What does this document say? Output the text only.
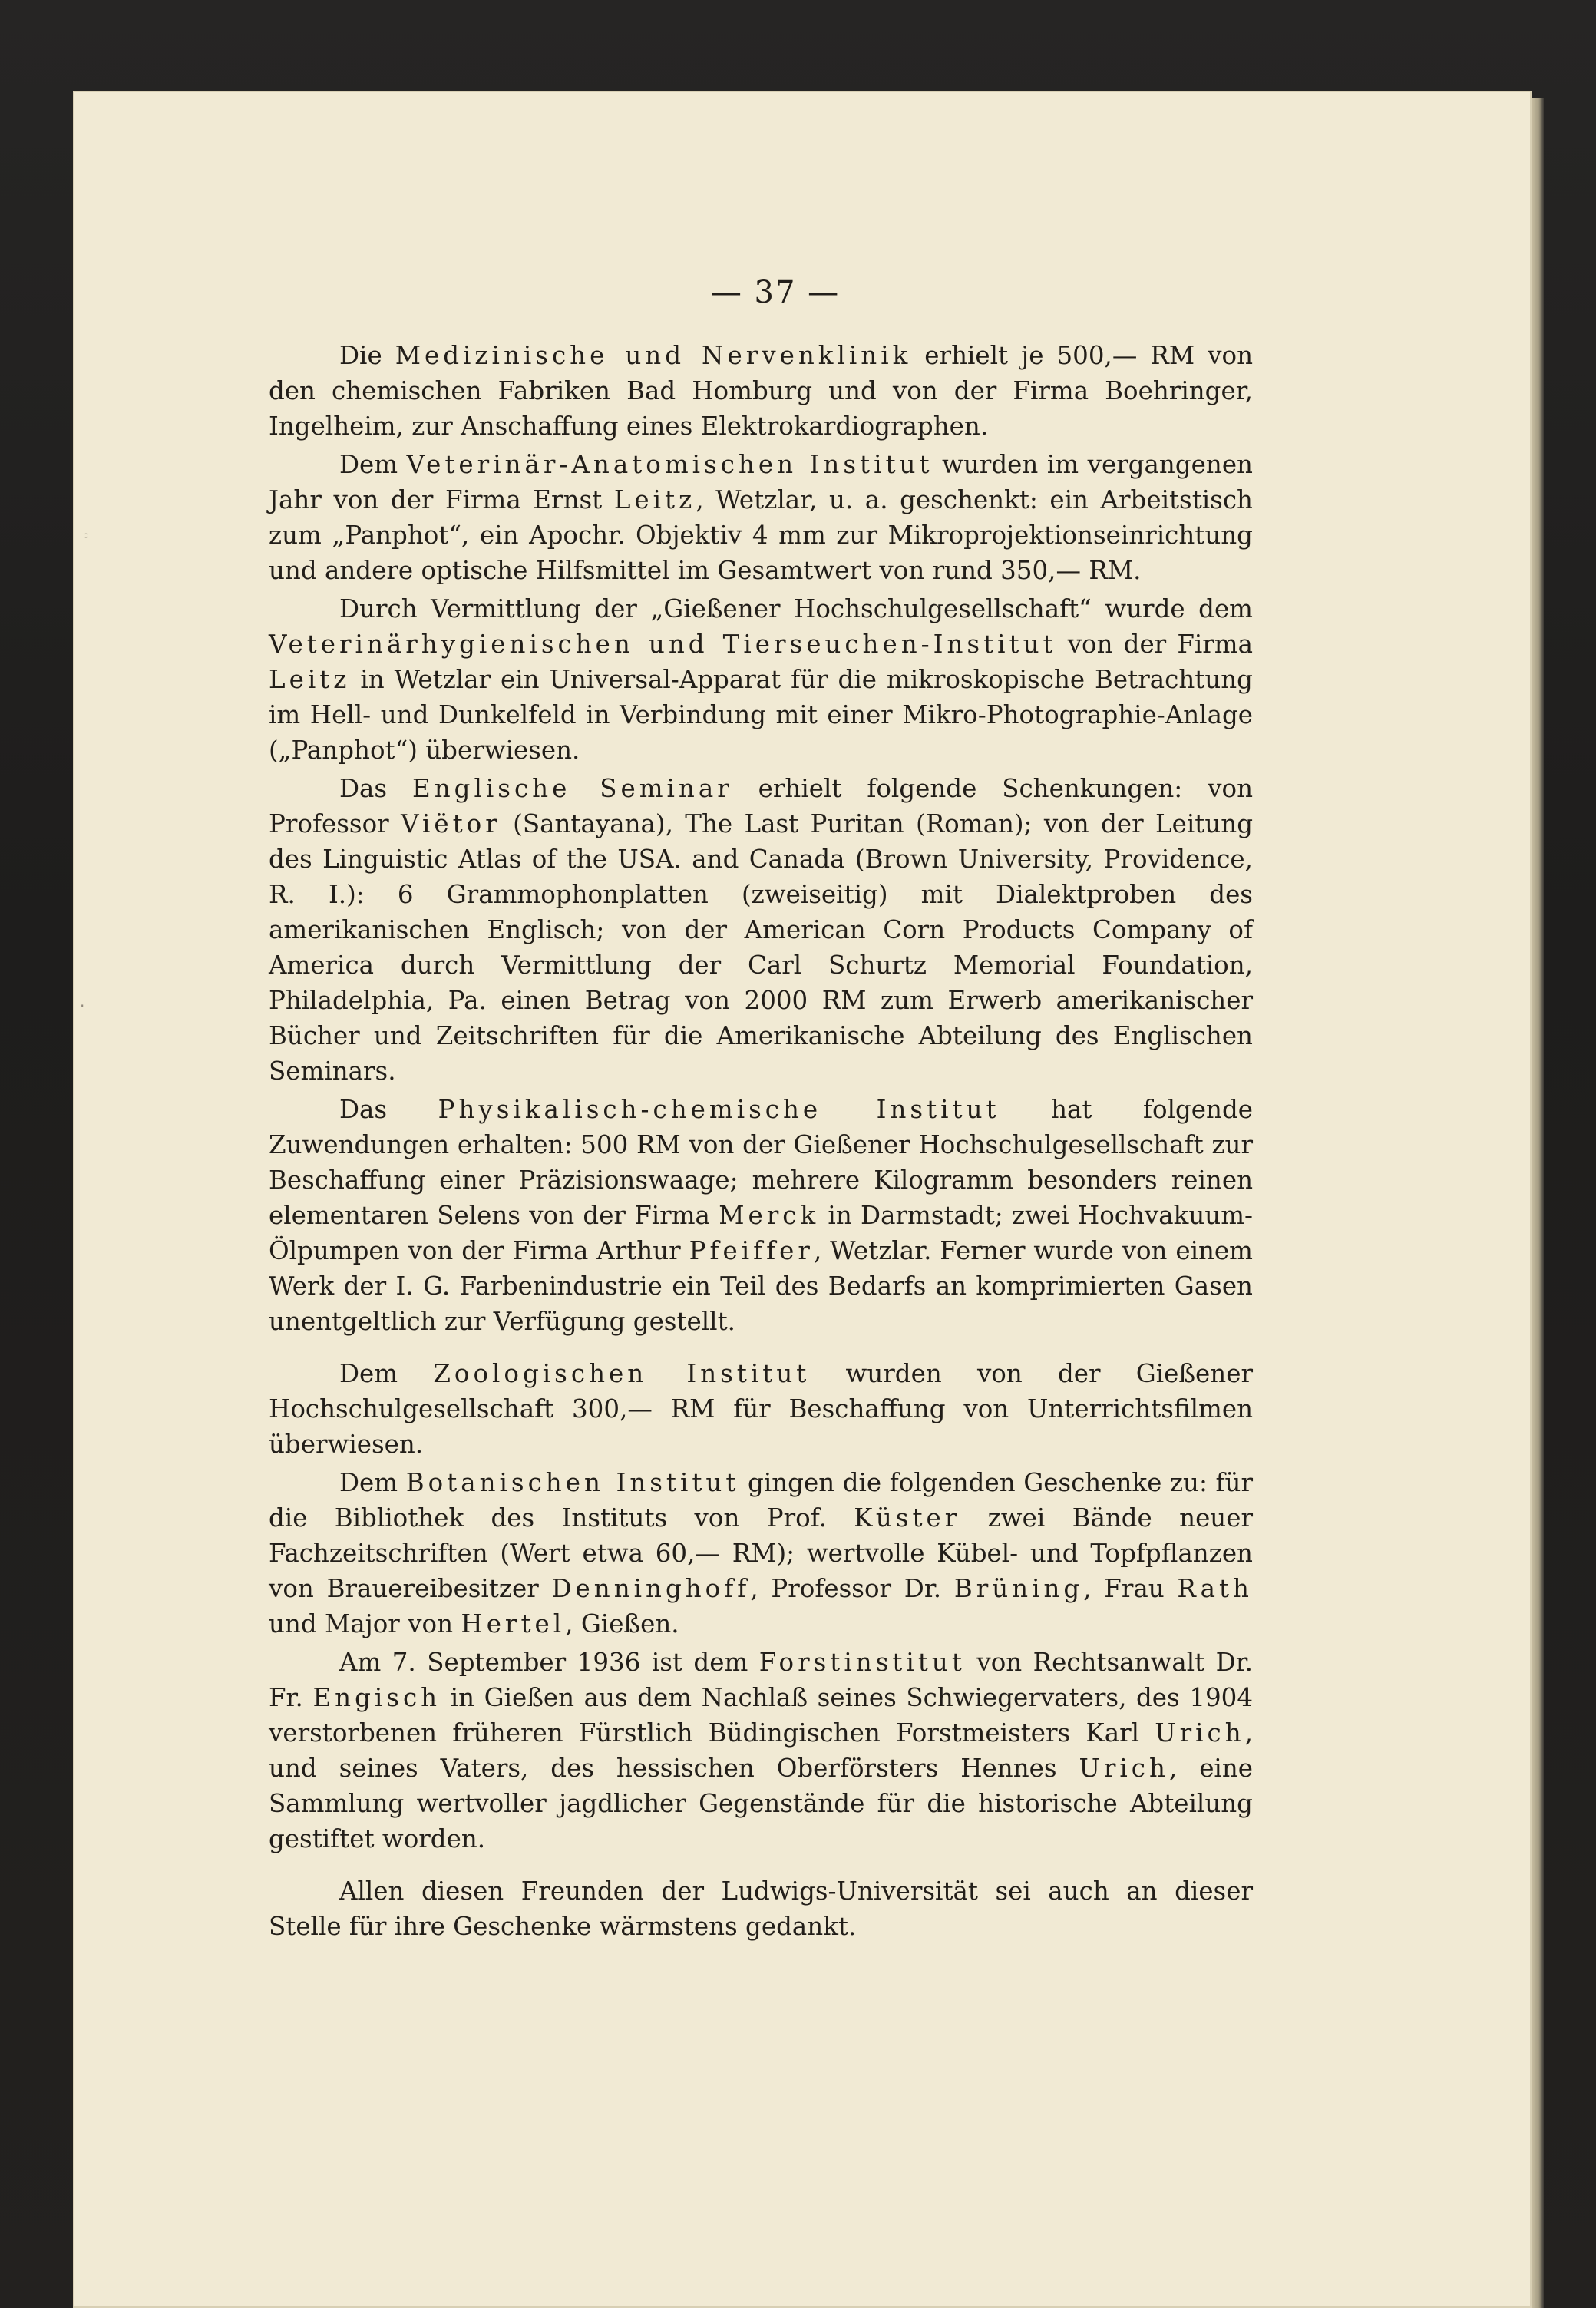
— 37 —
◦
·

Die Medizinische und Nervenklinik erhielt je 500,— RM von den chemischen Fabriken Bad Homburg und von der Firma Boehringer, Ingelheim, zur Anschaffung eines Elektrokardiographen.

Dem Veterinär-Anatomischen Institut wurden im vergangenen Jahr von der Firma Ernst Leitz, Wetzlar, u. a. geschenkt: ein Arbeitstisch zum „Panphot“, ein Apochr. Objektiv 4 mm zur Mikroprojektionseinrichtung und andere optische Hilfsmittel im Gesamtwert von rund 350,— RM.

Durch Vermittlung der „Gießener Hochschulgesellschaft“ wurde dem Veterinärhygienischen und Tierseuchen-Institut von der Firma Leitz in Wetzlar ein Universal-Apparat für die mikroskopische Betrachtung im Hell- und Dunkelfeld in Verbindung mit einer Mikro-Photographie-Anlage („Panphot“) überwiesen.

Das Englische Seminar erhielt folgende Schenkungen: von Professor Viëtor (Santayana), The Last Puritan (Roman); von der Leitung des Linguistic Atlas of the USA. and Canada (Brown University, Providence, R. I.): 6 Grammophonplatten (zweiseitig) mit Dialektproben des amerikanischen Englisch; von der American Corn Products Company of America durch Vermittlung der Carl Schurtz Memorial Foundation, Philadelphia, Pa. einen Betrag von 2000 RM zum Erwerb amerikanischer Bücher und Zeitschriften für die Amerikanische Abteilung des Englischen Seminars.

Das Physikalisch-chemische Institut hat folgende Zuwendungen erhalten: 500 RM von der Gießener Hochschulgesellschaft zur Beschaffung einer Präzisionswaage; mehrere Kilogramm besonders reinen elementaren Selens von der Firma Merck in Darmstadt; zwei Hochvakuum-Ölpumpen von der Firma Arthur Pfeiffer, Wetzlar. Ferner wurde von einem Werk der I. G. Farbenindustrie ein Teil des Bedarfs an komprimierten Gasen unentgeltlich zur Verfügung gestellt.

Dem Zoologischen Institut wurden von der Gießener Hochschulgesellschaft 300,— RM für Beschaffung von Unterrichtsfilmen überwiesen.

Dem Botanischen Institut gingen die folgenden Geschenke zu: für die Bibliothek des Instituts von Prof. Küster zwei Bände neuer Fachzeitschriften (Wert etwa 60,— RM); wertvolle Kübel- und Topfpflanzen von Brauereibesitzer Denninghoff, Professor Dr. Brüning, Frau Rath und Major von Hertel, Gießen.

Am 7. September 1936 ist dem Forstinstitut von Rechtsanwalt Dr. Fr. Engisch in Gießen aus dem Nachlaß seines Schwiegervaters, des 1904 verstorbenen früheren Fürstlich Büdingischen Forstmeisters Karl Urich, und seines Vaters, des hessischen Oberförsters Hennes Urich, eine Sammlung wertvoller jagdlicher Gegenstände für die historische Abteilung gestiftet worden.

Allen diesen Freunden der Ludwigs-Universität sei auch an dieser Stelle für ihre Geschenke wärmstens gedankt.
